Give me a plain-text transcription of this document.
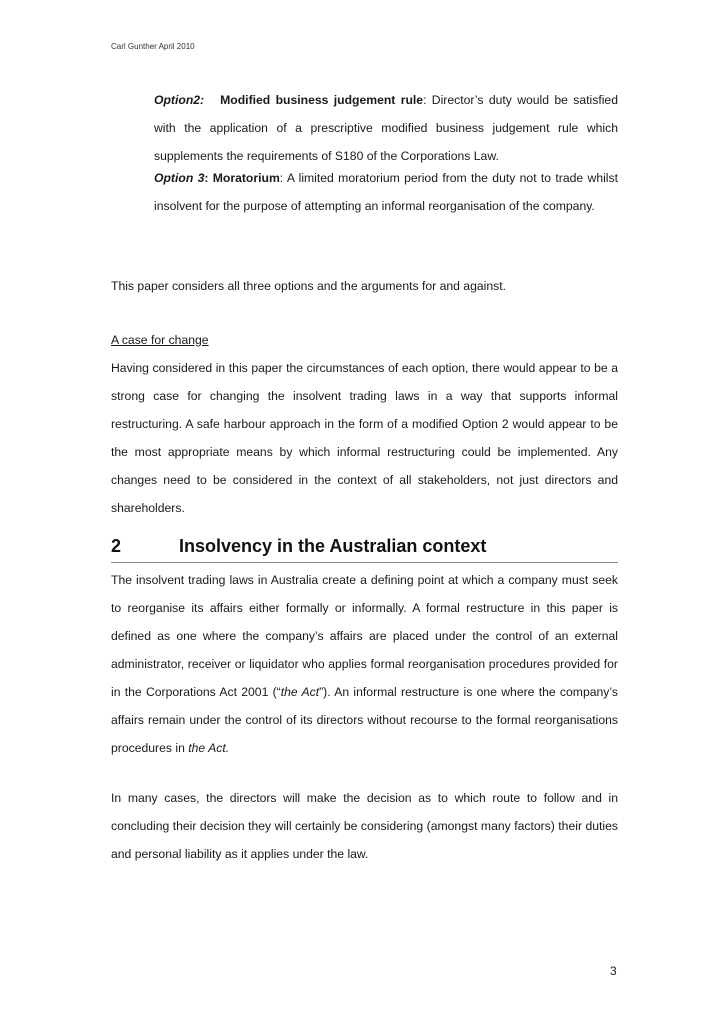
Carl Gunther April 2010
Option2: Modified business judgement rule: Director’s duty would be satisfied with the application of a prescriptive modified business judgement rule which supplements the requirements of S180 of the Corporations Law.
Option 3: Moratorium: A limited moratorium period from the duty not to trade whilst insolvent for the purpose of attempting an informal reorganisation of the company.
This paper considers all three options and the arguments for and against.
A case for change
Having considered in this paper the circumstances of each option, there would appear to be a strong case for changing the insolvent trading laws in a way that supports informal restructuring. A safe harbour approach in the form of a modified Option 2 would appear to be the most appropriate means by which informal restructuring could be implemented. Any changes need to be considered in the context of all stakeholders, not just directors and shareholders.
2	Insolvency in the Australian context
The insolvent trading laws in Australia create a defining point at which a company must seek to reorganise its affairs either formally or informally. A formal restructure in this paper is defined as one where the company’s affairs are placed under the control of an external administrator, receiver or liquidator who applies formal reorganisation procedures provided for in the Corporations Act 2001 (“the Act”). An informal restructure is one where the company’s affairs remain under the control of its directors without recourse to the formal reorganisations procedures in the Act.
In many cases, the directors will make the decision as to which route to follow and in concluding their decision they will certainly be considering (amongst many factors) their duties and personal liability as it applies under the law.
3
